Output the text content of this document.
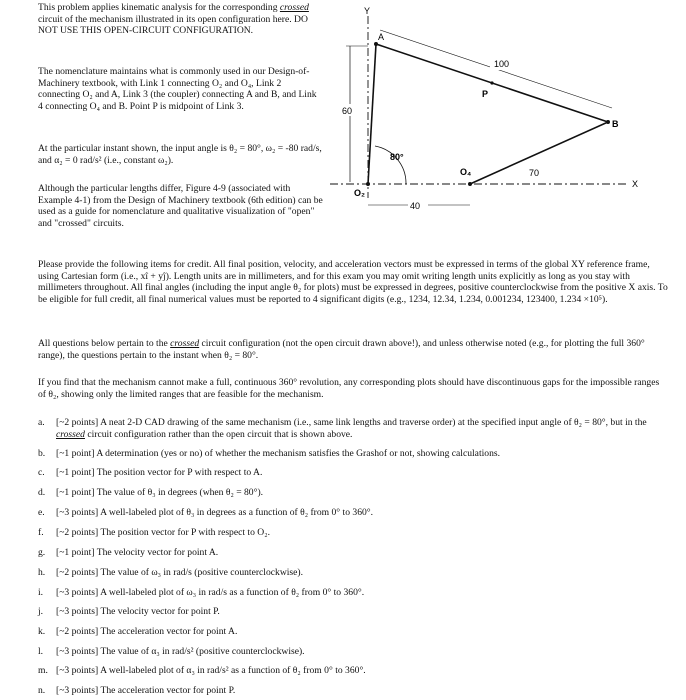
This problem applies kinematic analysis for the corresponding crossed circuit of the mechanism illustrated in its open configuration here. DO NOT USE THIS OPEN-CIRCUIT CONFIGURATION.
The nomenclature maintains what is commonly used in our Design-of-Machinery textbook, with Link 1 connecting O₂ and O₄, Link 2 connecting O₂ and A, Link 3 (the coupler) connecting A and B, and Link 4 connecting O₄ and B. Point P is midpoint of Link 3.
At the particular instant shown, the input angle is θ₂ = 80°, ω₂ = -80 rad/s, and α₂ = 0 rad/s² (i.e., constant ω₂).
Although the particular lengths differ, Figure 4-9 (associated with Example 4-1) from the Design of Machinery textbook (6th edition) can be used as a guide for nomenclature and qualitative visualization of "open" and "crossed" circuits.
Y
X
60
100
70
40
80°
A
B
P
O₂
O₄
Please provide the following items for credit. All final position, velocity, and acceleration vectors must be expressed in terms of the global XY reference frame, using Cartesian form (i.e., xî + yĵ). Length units are in millimeters, and for this exam you may omit writing length units explicitly as long as you stay with millimeters throughout. All final angles (including the input angle θ₂ for plots) must be expressed in degrees, positive counterclockwise from the positive X axis. To be eligible for full credit, all final numerical values must be reported to 4 significant digits (e.g., 1234, 12.34, 1.234, 0.001234, 123400, 1.234 ×10⁵).
All questions below pertain to the crossed circuit configuration (not the open circuit drawn above!), and unless otherwise noted (e.g., for plotting the full 360° range), the questions pertain to the instant when θ₂ = 80°.
If you find that the mechanism cannot make a full, continuous 360° revolution, any corresponding plots should have discontinuous gaps for the impossible ranges of θ₂, showing only the limited ranges that are feasible for the mechanism.
a. [~2 points] A neat 2-D CAD drawing of the same mechanism (i.e., same link lengths and traverse order) at the specified input angle of θ₂ = 80°, but in the crossed circuit configuration rather than the open circuit that is shown above.
b. [~1 point] A determination (yes or no) of whether the mechanism satisfies the Grashof or not, showing calculations.
c. [~1 point] The position vector for P with respect to A.
d. [~1 point] The value of θ₃ in degrees (when θ₂ = 80°).
e. [~3 points] A well-labeled plot of θ₃ in degrees as a function of θ₂ from 0° to 360°.
f. [~2 points] The position vector for P with respect to O₂.
g. [~1 point] The velocity vector for point A.
h. [~2 points] The value of ω₃ in rad/s (positive counterclockwise).
i. [~3 points] A well-labeled plot of ω₃ in rad/s as a function of θ₂ from 0° to 360°.
j. [~3 points] The velocity vector for point P.
k. [~2 points] The acceleration vector for point A.
l. [~3 points] The value of α₃ in rad/s² (positive counterclockwise).
m. [~3 points] A well-labeled plot of α₃ in rad/s² as a function of θ₂ from 0° to 360°.
n. [~3 points] The acceleration vector for point P.
